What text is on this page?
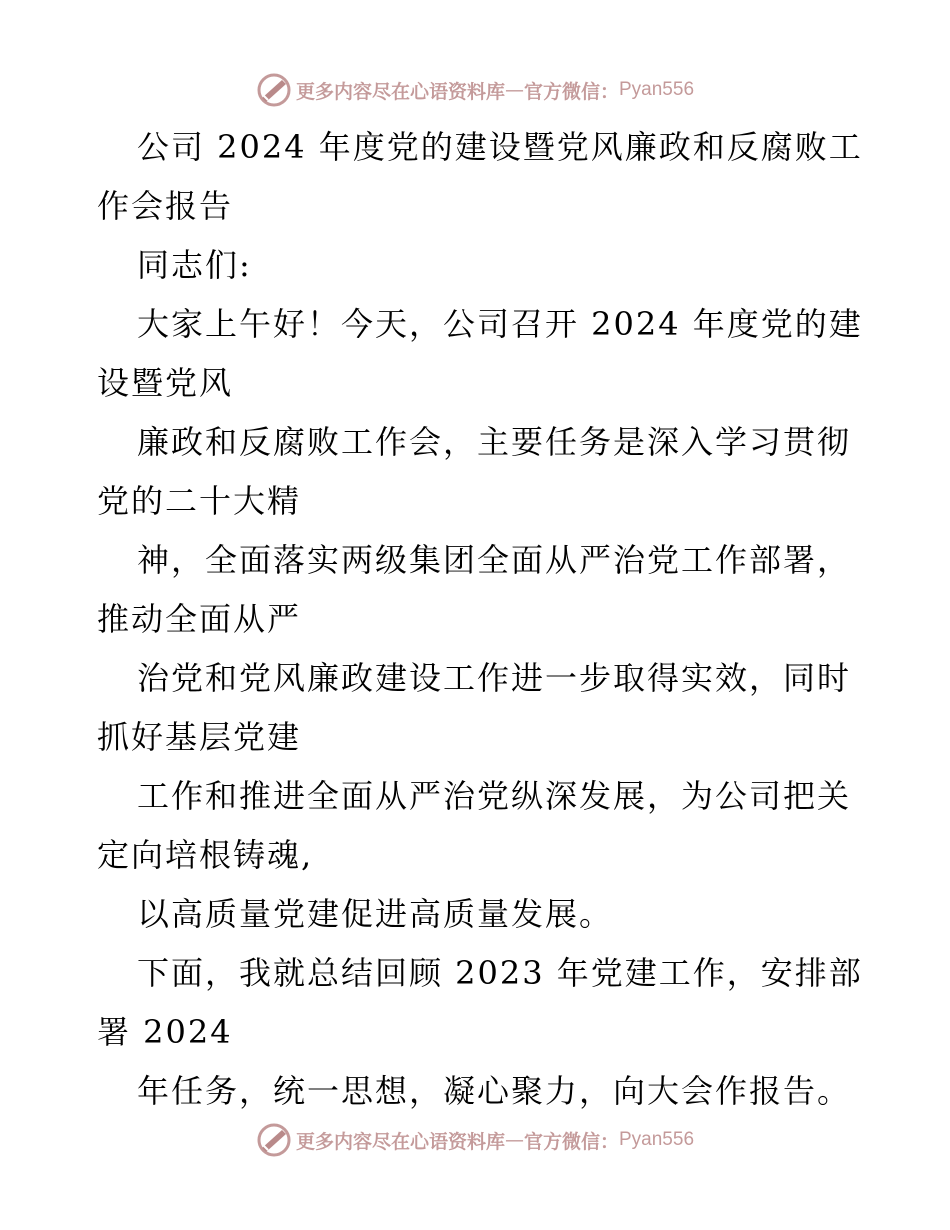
更多内容尽在心语资料库 — 官方微信： Pyan556
公司 2024 年度党的建设暨党风廉政和反腐败工
作会报告
同志们:
大家上午好！今天，公司召开 2024 年度党的建
设暨党风
廉政和反腐败工作会，主要任务是深入学习贯彻
党的二十大精
神，全面落实两级集团全面从严治党工作部署，
推动全面从严
治党和党风廉政建设工作进一步取得实效，同时
抓好基层党建
工作和推进全面从严治党纵深发展，为公司把关
定向培根铸魂,
以高质量党建促进高质量发展。
下面，我就总结回顾 2023 年党建工作，安排部
署 2024
年任务，统一思想，凝心聚力，向大会作报告。
更多内容尽在心语资料库 — 官方微信： Pyan556
